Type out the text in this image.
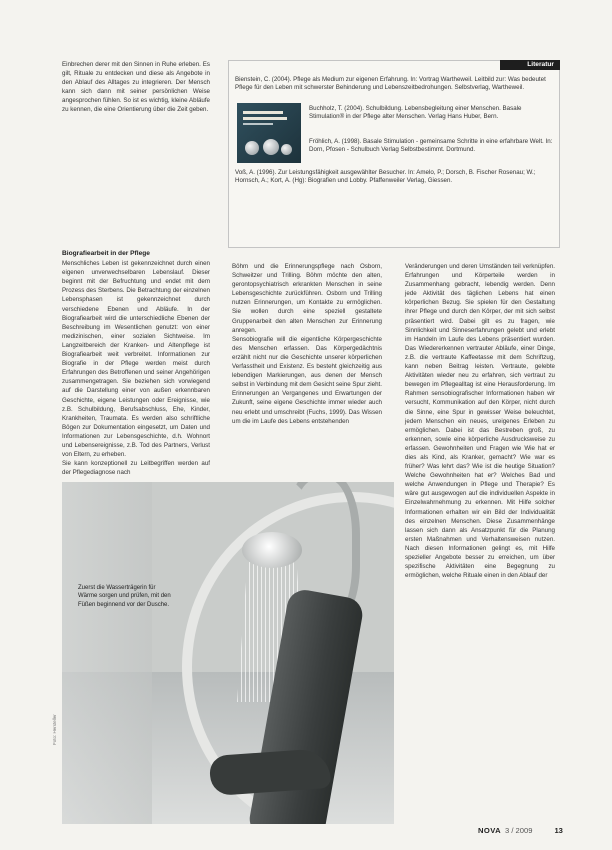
Einbrechen derer mit den Sinnen in Ruhe erleben. Es gilt, Rituale zu entdecken und diese als Angebote in den Ablauf des Alltages zu integrieren. Der Mensch kann sich dann mit seiner persönlichen Weise angesprochen fühlen. So ist es wichtig, kleine Abläufe zu kennen, die eine Orientierung über die Zeit geben.

Biografiearbeit in der Pflege

Menschliches Leben ist gekennzeichnet durch einen eigenen unverwechselbaren Lebenslauf. Dieser beginnt mit der Befruchtung und endet mit dem Prozess des Sterbens. Die Betrachtung der einzelnen Lebensphasen ist gekennzeichnet durch verschiedene Ebenen und Abläufe. In der Biografiearbeit wird die unterschiedliche Ebenen der Beschreibung im Wesentlichen genutzt: von einer medizinischen, einer sozialen Sichtweise. Im Langzeitbereich der Kranken- und Altenpflege ist Biografiearbeit weit verbreitet. Informationen zur Biografie in der Pflege werden meist durch Erfahrungen des Betroffenen und seiner Angehörigen zusammengetragen. Sie beziehen sich vorwiegend auf die Darstellung einer von außen erkennbaren Geschichte, eigene Leistungen oder Ereignisse, wie z.B. Schulbildung, Berufsabschluss, Ehe, Kinder, Krankheiten, Traumata. Es werden also schriftliche Bögen zur Dokumentation eingesetzt, um Daten und Informationen zur Lebensgeschichte, d.h. Wohnort und Lebensereignisse, z.B. Tod des Partners, Verlust von Eltern, zu erheben.

Sie kann konzeptionell zu Leitbegriffen werden auf der Pflegediagnose nach

Literatur
Bienstein, C. (2004). Pflege als Medium zur eigenen Erfahrung. In: Vortrag Wartheweil. Leitbild zur: Was bedeutet Pflege für den Leben mit schwerster Behinderung und Lebenszeitbedrohungen. Selbstverlag, Wartheweil.
Buchholz, T. (2004). Schulbildung. Lebensbegleitung einer Menschen. Basale Stimulation® in der Pflege alter Menschen. Verlag Hans Huber, Bern.
Fröhlich, A. (1998). Basale Stimulation - gemeinsame Schritte in eine erfahrbare Welt. In: Dorn, Pfosen - Schulbuch Verlag Selbstbestimmt. Dortmund.
Voß, A. (1996). Zur Leistungsfähigkeit ausgewählter Besucher. In: Amelo, P.; Dorsch, B. Fischer Rosenau; W.; Hornsch, A.; Kort, A. (Hg): Biografien und Lobby. Pfaffenweiler Verlag, Giessen.

Böhm und die Erinnerungspflege nach Osborn, Schweitzer und Trilling. Böhm möchte den alten, gerontopsychiatrisch erkrankten Menschen in seine Lebensgeschichte zurückführen. Osborn und Trilling nutzen Erinnerungen, um Kontakte zu ermöglichen. Sie wollen durch eine speziell gestaltete Gruppenarbeit den alten Menschen zur Erinnerung anregen.

Sensobiografie will die eigentliche Körpergeschichte des Menschen erfassen. Das Körpergedächtnis erzählt nicht nur die Geschichte unserer körperlichen Verfasstheit und Existenz. Es besteht gleichzeitig aus lebendigen Markierungen, aus denen der Mensch selbst in Verbindung mit dem Gesicht seine Spur zieht. Erinnerungen an Vergangenes und Erwartungen der Zukunft, seine eigene Geschichte immer wieder auch neu erlebt und umschreibt (Fuchs, 1999). Das Wissen um die im Laufe des Lebens entstehenden

Veränderungen und deren Umständen teil verknüpfen. Erfahrungen und Körperteile werden in Zusammenhang gebracht, lebendig werden. Denn jede Aktivität des täglichen Lebens hat einen körperlichen Bezug. Sie spielen für den Gestaltung ihrer Pflege und durch den Körper, der mit sich selbst präsentiert wird. Dabei gilt es zu fragen, wie Sinnlichkeit und Sinneserfahrungen gelebt und erlebt im Handeln im Laufe des Lebens präsentiert wurden. Das Wiedererkennen vertrauter Abläufe, einer Dinge, z.B. die vertraute Kaffeetasse mit dem Schriftzug, kann neben Beitrag leisten. Vertraute, gelebte Aktivitäten wieder neu zu erfahren, sich vertraut zu bewegen im Pflegealltag ist eine Herausforderung. Im Rahmen sensobiografischer Informationen haben wir versucht, Kommunikation auf den Körper, nicht durch die Sinne, eine Spur in gewisser Weise beleuchtet, jedem Menschen ein neues, ureigenes Erleben zu ermöglichen. Dabei ist das Bestreben groß, zu erkennen, sowie eine körperliche Ausdrucksweise zu erfassen. Gewohnheiten und Fragen wie Wie hat er dies als Kind, als Kranker, gemacht? Wie war es früher? Was lehrt das? Wie ist die heutige Situation? Welche Gewohnheiten hat er? Welches Bad und welche Anwendungen in Pflege und Therapie? Es wäre gut ausgewogen auf die individuellen Aspekte in Einzelwahrnehmung zu erkennen. Mit Hilfe solcher Informationen erhalten wir ein Bild der Individualität des einzelnen Menschen. Diese Zusammenhänge lassen sich dann als Ansatzpunkt für die Planung ersten Maßnahmen und Verhaltensweisen nutzen. Nach diesen Informationen gelingt es, mit Hilfe spezieller Angebote besser zu erreichen, um über spezifische Aktivitäten eine Begegnung zu ermöglichen, welche Rituale einen in den Ablauf der

Zuerst die Wasserträgerin für Wärme sorgen und prüfen, mit den Füßen beginnend vor der Dusche.
Foto: Hersteller
NOVA 3 / 2009	13
